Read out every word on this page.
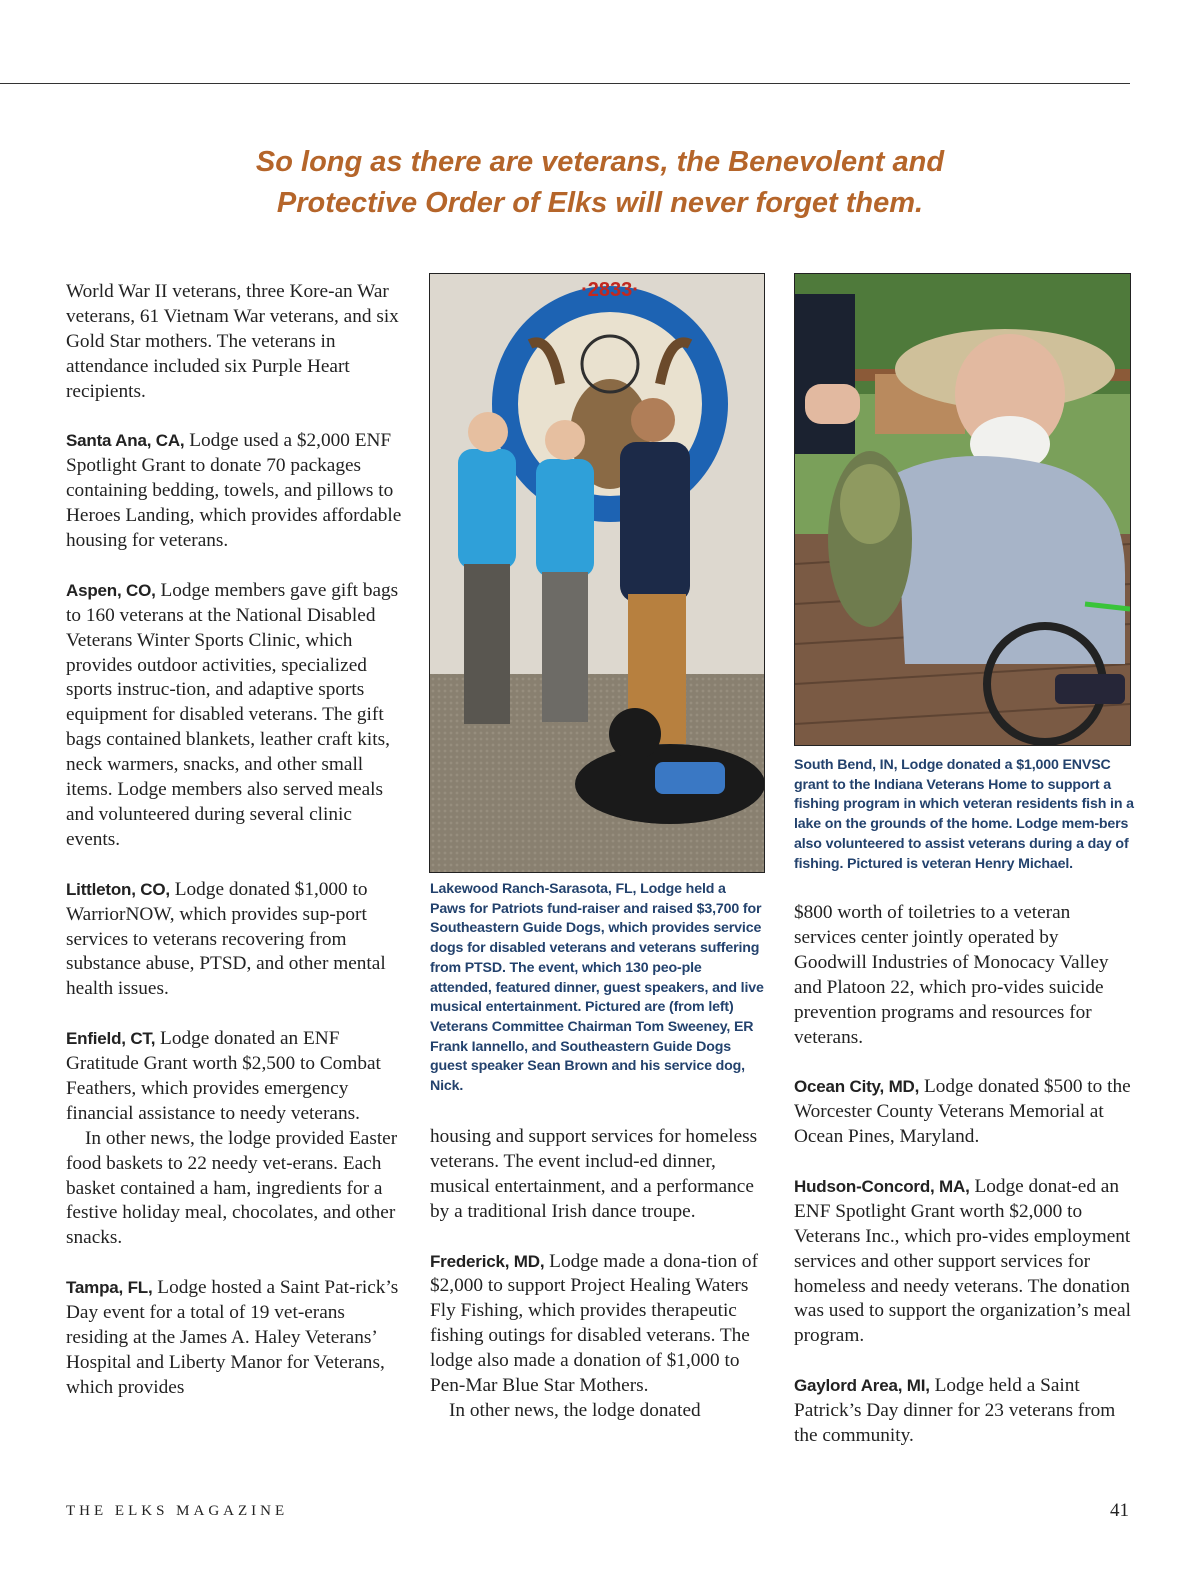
So long as there are veterans, the Benevolent and
Protective Order of Elks will never forget them.

World War II veterans, three Kore-an War veterans, 61 Vietnam War veterans, and six Gold Star mothers. The veterans in attendance included six Purple Heart recipients.

Santa Ana, CA, Lodge used a $2,000 ENF Spotlight Grant to donate 70 packages containing bedding, towels, and pillows to Heroes Landing, which provides affordable housing for veterans.

Aspen, CO, Lodge members gave gift bags to 160 veterans at the National Disabled Veterans Winter Sports Clinic, which provides outdoor activities, specialized sports instruc-tion, and adaptive sports equipment for disabled veterans. The gift bags contained blankets, leather craft kits, neck warmers, snacks, and other small items. Lodge members also served meals and volunteered during several clinic events.

Littleton, CO, Lodge donated $1,000 to WarriorNOW, which provides sup-port services to veterans recovering from substance abuse, PTSD, and other mental health issues.

Enfield, CT, Lodge donated an ENF Gratitude Grant worth $2,500 to Combat Feathers, which provides emergency financial assistance to needy veterans.

In other news, the lodge provided Easter food baskets to 22 needy vet-erans. Each basket contained a ham, ingredients for a festive holiday meal, chocolates, and other snacks.

Tampa, FL, Lodge hosted a Saint Pat-rick’s Day event for a total of 19 vet-erans residing at the James A. Haley Veterans’ Hospital and Liberty Manor for Veterans, which provides

·2833·
Lakewood Ranch-Sarasota, FL, Lodge held a Paws for Patriots fund-raiser and raised $3,700 for Southeastern Guide Dogs, which provides service dogs for disabled veterans and veterans suffering from PTSD. The event, which 130 peo-ple attended, featured dinner, guest speakers, and live musical entertainment. Pictured are (from left) Veterans Committee Chairman Tom Sweeney, ER Frank Iannello, and Southeastern Guide Dogs guest speaker Sean Brown and his service dog, Nick.

housing and support services for homeless veterans. The event includ-ed dinner, musical entertainment, and a performance by a traditional Irish dance troupe.

Frederick, MD, Lodge made a dona-tion of $2,000 to support Project Healing Waters Fly Fishing, which provides therapeutic fishing outings for disabled veterans. The lodge also made a donation of $1,000 to Pen-Mar Blue Star Mothers.

In other news, the lodge donated

South Bend, IN, Lodge donated a $1,000 ENVSC grant to the Indiana Veterans Home to support a fishing program in which veteran residents fish in a lake on the grounds of the home. Lodge mem-bers also volunteered to assist veterans during a day of fishing. Pictured is veteran Henry Michael.

$800 worth of toiletries to a veteran services center jointly operated by Goodwill Industries of Monocacy Valley and Platoon 22, which pro-vides suicide prevention programs and resources for veterans.

Ocean City, MD, Lodge donated $500 to the Worcester County Veterans Memorial at Ocean Pines, Maryland.

Hudson-Concord, MA, Lodge donat-ed an ENF Spotlight Grant worth $2,000 to Veterans Inc., which pro-vides employment services and other support services for homeless and needy veterans. The donation was used to support the organization’s meal program.

Gaylord Area, MI, Lodge held a Saint Patrick’s Day dinner for 23 veterans from the community.

THE ELKS MAGAZINE	41
